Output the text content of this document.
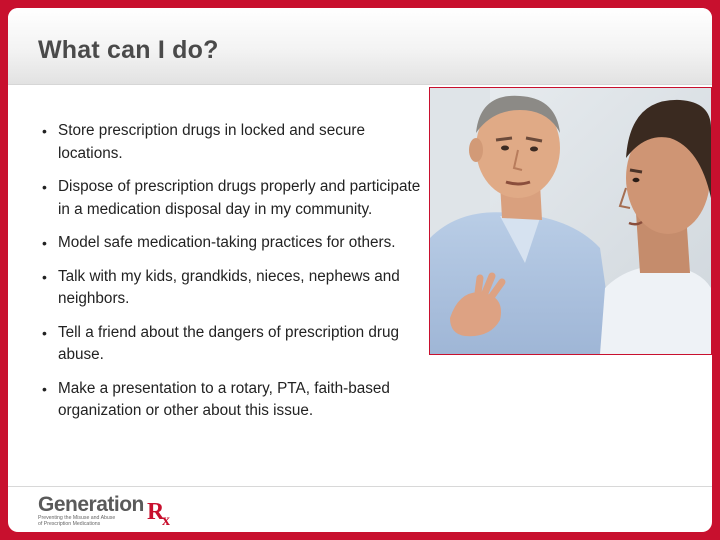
What can I do?
• Store prescription drugs in locked and secure locations.
• Dispose of prescription drugs properly and participate in a medication disposal day in my community.
• Model safe medication-taking practices for others.
• Talk with my kids, grandkids, nieces, nephews and neighbors.
• Tell a friend about the dangers of prescription drug abuse.
• Make a presentation to a rotary, PTA, faith-based organization or other about this issue.
Generation R
x
Preventing the Misuse and Abuse
of Prescription Medications
